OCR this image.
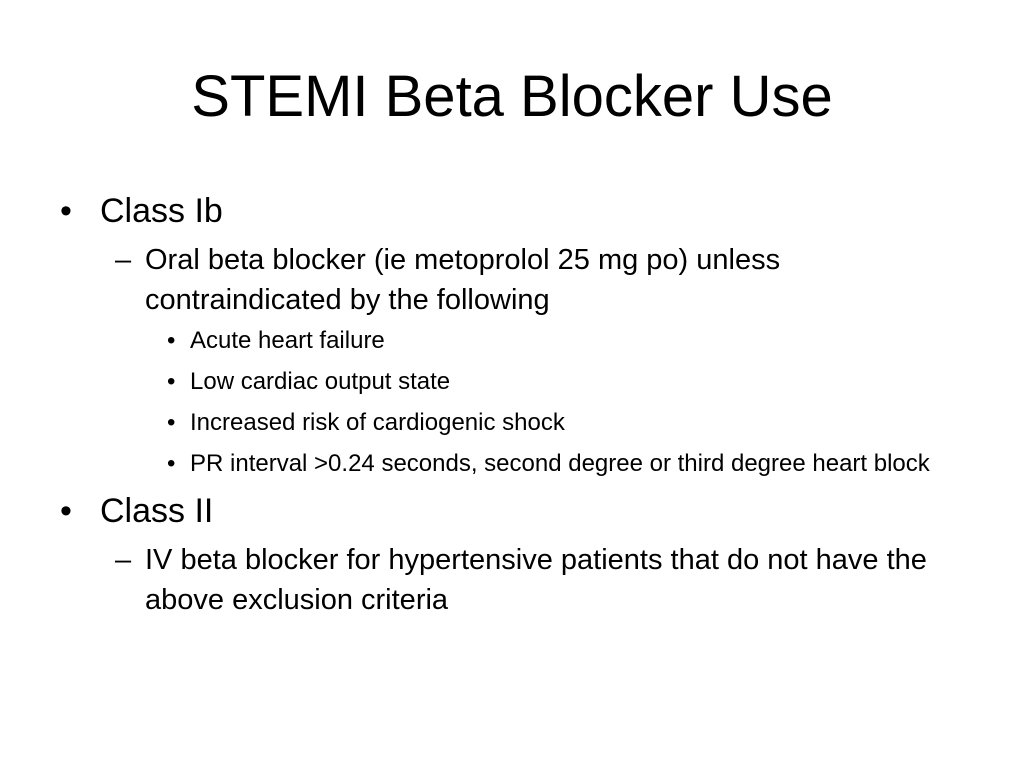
STEMI Beta Blocker Use
• Class Ib
– Oral beta blocker (ie metoprolol 25 mg po) unless contraindicated by the following
• Acute heart failure
• Low cardiac output state
• Increased risk of cardiogenic shock
• PR interval >0.24 seconds, second degree or third degree heart block
• Class II
– IV beta blocker for hypertensive patients that do not have the above exclusion criteria
